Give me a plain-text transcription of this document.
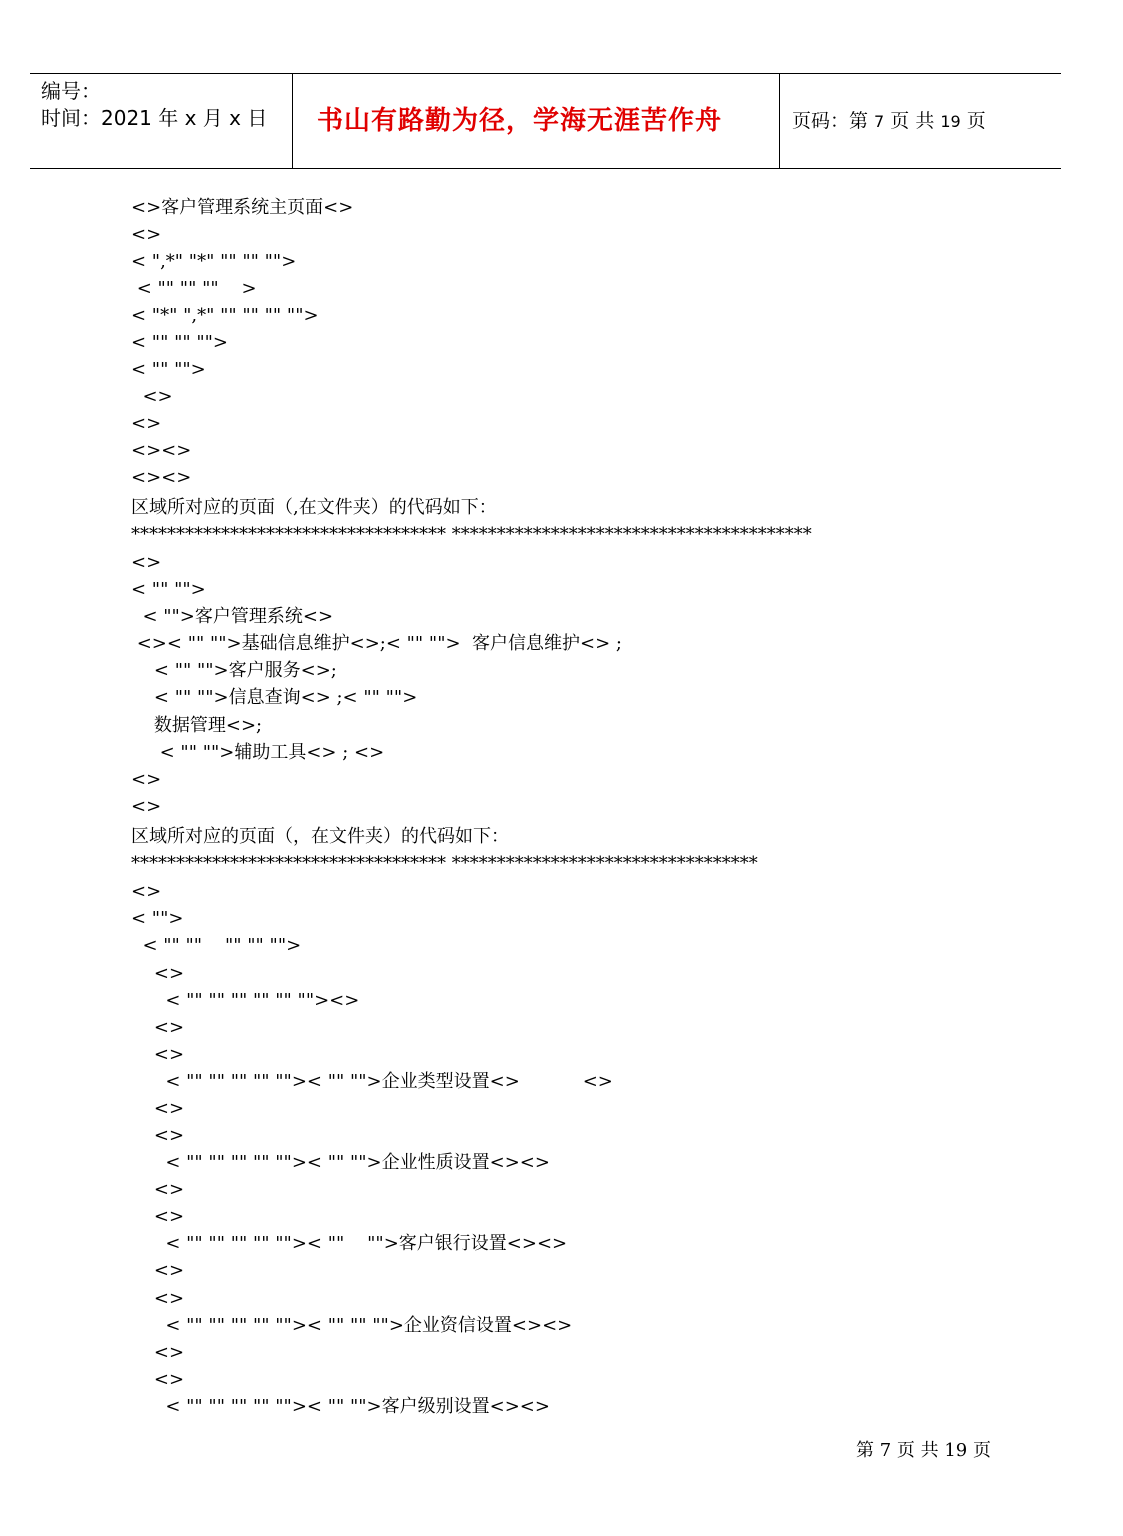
编号：
时间：2021 年 x 月 x 日 书山有路勤为径，学海无涯苦作舟	页码：第 7 页 共 19 页
<>客户管理系统主页面<>
<>
< ",*" "*" "" "" "">
< "" "" ""    >
< "*" ",*" "" "" "" "">
< "" "" "">
< "" "">
<>
<>
<><>
<><>
区域所对应的页面（,在文件夹）的代码如下：
*********************************** ****************************************
<>
< "" "">
< "">客户管理系统<>
<>< "" "">基础信息维护<>;< "" "">  客户信息维护<> ;
< "" "">客户服务<>;
< "" "">信息查询<> ;< "" "">
数据管理<>;
< "" "">辅助工具<> ; <>
<>
<>
区域所对应的页面（，在文件夹）的代码如下：
*********************************** **********************************
<>
< "">
< "" ""    "" "" "">
<>
< "" "" "" "" "" ""><>
<>
<>
< "" "" "" "" "">< "" "">企业类型设置<>           <>
<>
<>
< "" "" "" "" "">< "" "">企业性质设置<><>
<>
<>
< "" "" "" "" "">< ""    "">客户银行设置<><>
<>
<>
< "" "" "" "" "">< "" "" "">企业资信设置<><>
<>
<>
< "" "" "" "" "">< "" "">客户级别设置<><>
第 7 页 共 19 页
